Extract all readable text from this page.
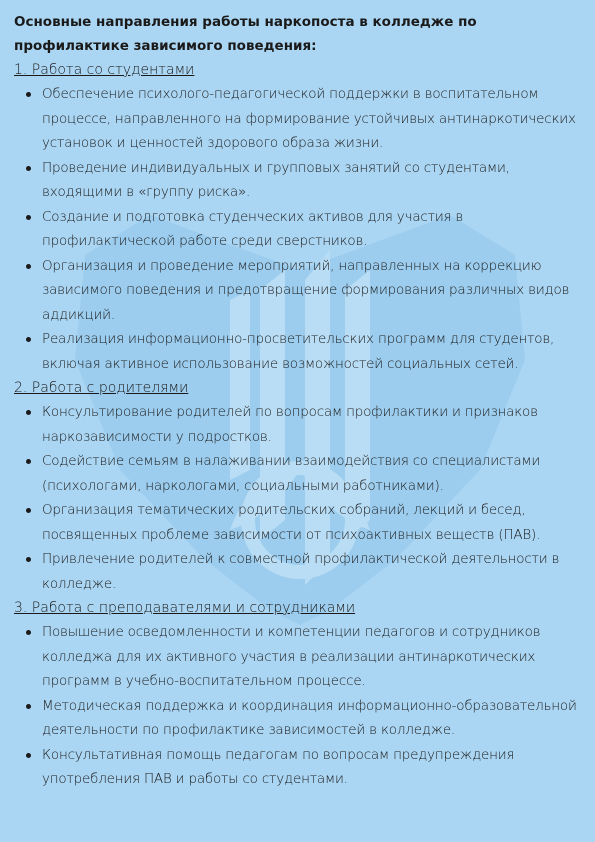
Основные направления работы наркопоста в колледже по профилактике зависимого поведения:

1. Работа со студентами

Обеспечение психолого-педагогической поддержки в воспитательном процессе, направленного на формирование устойчивых антинаркотических установок и ценностей здорового образа жизни.
Проведение индивидуальных и групповых занятий со студентами, входящими в «группу риска».
Создание и подготовка студенческих активов для участия в профилактической работе среди сверстников.
Организация и проведение мероприятий, направленных на коррекцию зависимого поведения и предотвращение формирования различных видов аддикций.
Реализация информационно-просветительских программ для студентов, включая активное использование возможностей социальных сетей.

2. Работа с родителями

Консультирование родителей по вопросам профилактики и признаков наркозависимости у подростков.
Содействие семьям в налаживании взаимодействия со специалистами (психологами, наркологами, социальными работниками).
Организация тематических родительских собраний, лекций и бесед, посвященных проблеме зависимости от психоактивных веществ (ПАВ).
Привлечение родителей к совместной профилактической деятельности в колледже.

3. Работа с преподавателями и сотрудниками

Повышение осведомленности и компетенции педагогов и сотрудников колледжа для их активного участия в реализации антинаркотических программ в учебно-воспитательном процессе.
Методическая поддержка и координация информационно-образовательной деятельности по профилактике зависимостей в колледже.
Консультативная помощь педагогам по вопросам предупреждения употребления ПАВ и работы со студентами.
